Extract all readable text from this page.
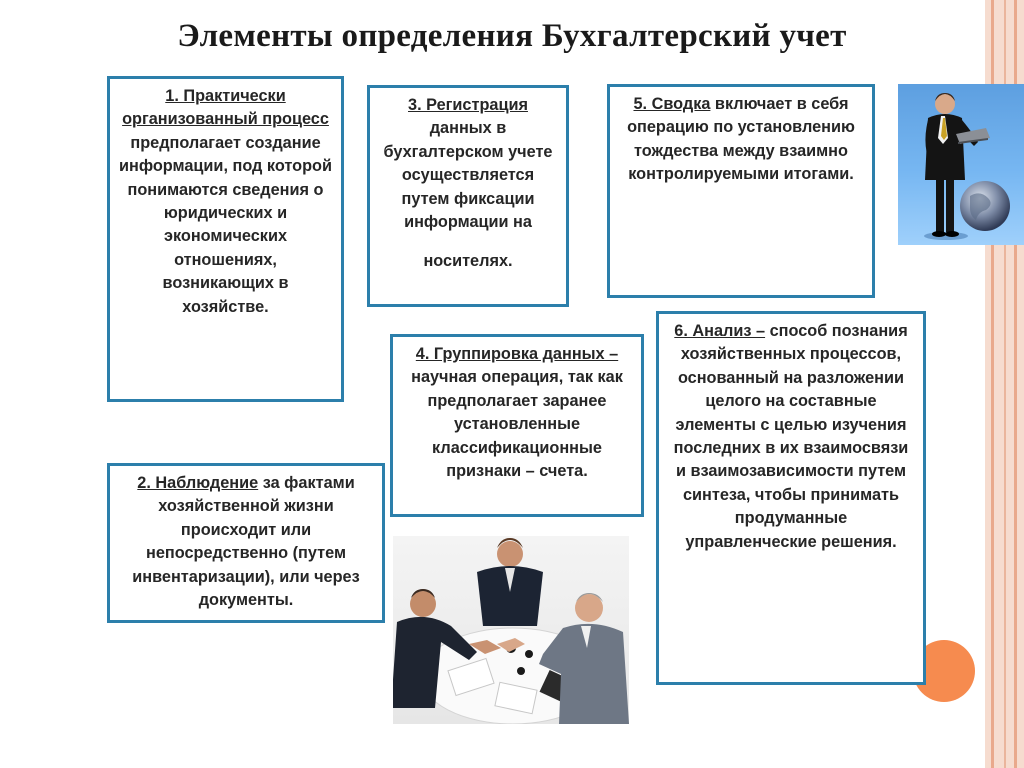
Элементы определения Бухгалтерский учет
1. Практически организованный процесс предполагает создание информации, под которой понимаются сведения о юридических и экономических отношениях, возникающих в хозяйстве.
3. Регистрация данных в бухгалтерском учете осуществляется путем фиксации информации на
носителях.
5. Сводка включает в себя операцию по установлению тождества между взаимно контролируемыми итогами.
4. Группировка данных – научная операция, так как предполагает заранее установленные классификационные признаки – счета.
2. Наблюдение за фактами хозяйственной жизни происходит или непосредственно (путем инвентаризации), или через документы.
6. Анализ – способ познания хозяйственных процессов, основанный на разложении целого на составные элементы с целью изучения последних в их взаимосвязи и взаимозависимости путем синтеза, чтобы принимать продуманные управленческие решения.
